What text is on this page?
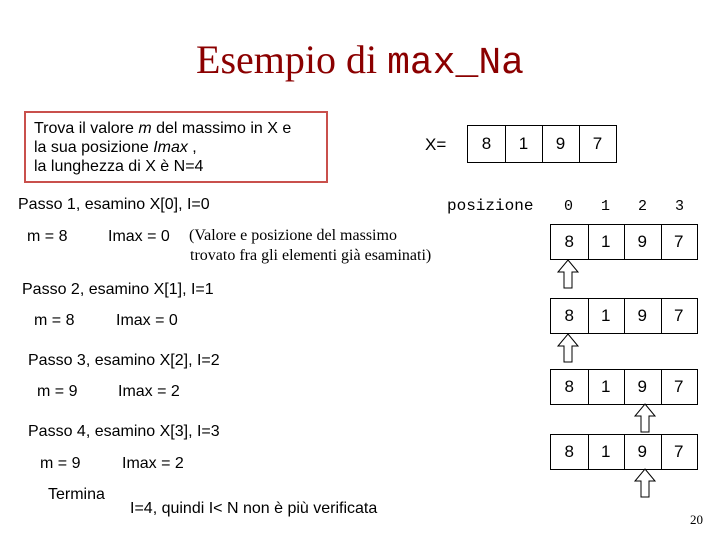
Esempio di max_Na
Trova il valore m del massimo in X e
la sua posizione Imax ,
la lunghezza di X è N=4
X=	8	1	9	7
Passo 1, esamino X[0], I=0	posizione	0	1	2	3
m = 8	Imax = 0 (Valore e posizione del massimo
trovato fra gli elementi già esaminati)
8	1	9	7
Passo 2, esamino X[1], I=1
m = 8	Imax = 0	8	1	9	7
Passo 3, esamino X[2], I=2
m = 9	Imax = 2	8	1	9	7
Passo 4, esamino X[3], I=3
m = 9	Imax = 2
8	1	9	7
Termina
I=4, quindi I< N non è più verificata
20
